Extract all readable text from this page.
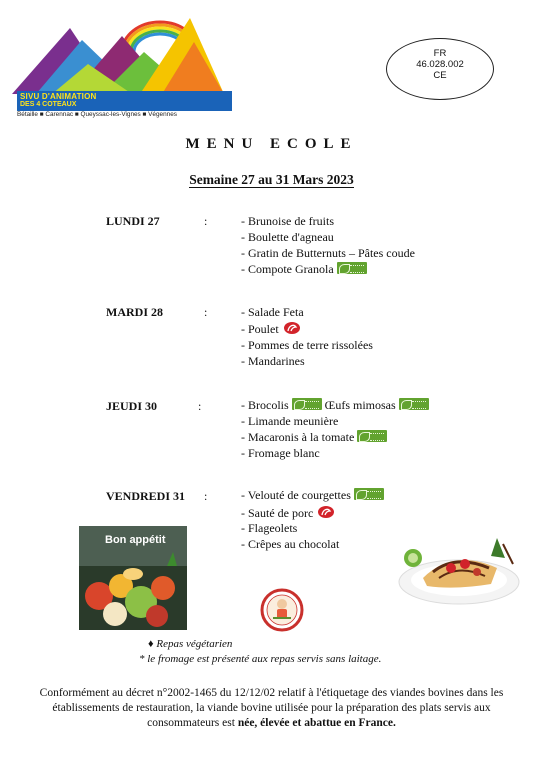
SIVU D'ANIMATION
DES 4 COTEAUX
Bétaille ■ Carennac ■ Queyssac-les-Vignes ■ Végennes
FR
46.028.002
CE
MENU ECOLE
Semaine 27 au 31 Mars 2023
LUNDI 27	:	- Brunoise de fruits
- Boulette d'agneau
- Gratin de Butternuts – Pâtes coude
- Compote Granola
MARDI 28	:	- Salade Feta
- Poulet
- Pommes de terre rissolées
- Mandarines
JEUDI 30	:	- Brocolis	Œufs mimosas
- Limande meunière
- Macaronis à la tomate
- Fromage blanc
VENDREDI 31 :	- Velouté de courgettes
- Sauté de porc
- Flageolets
- Crêpes au chocolat
Bon appétit
♦ Repas végétarien
* le fromage est présenté aux repas servis sans laitage.
Conformément au décret n°2002-1465 du 12/12/02 relatif à l'étiquetage des viandes bovines dans les établissements de restauration, la viande bovine utilisée pour la préparation des plats servis aux consommateurs est née, élevée et abattue en France.
